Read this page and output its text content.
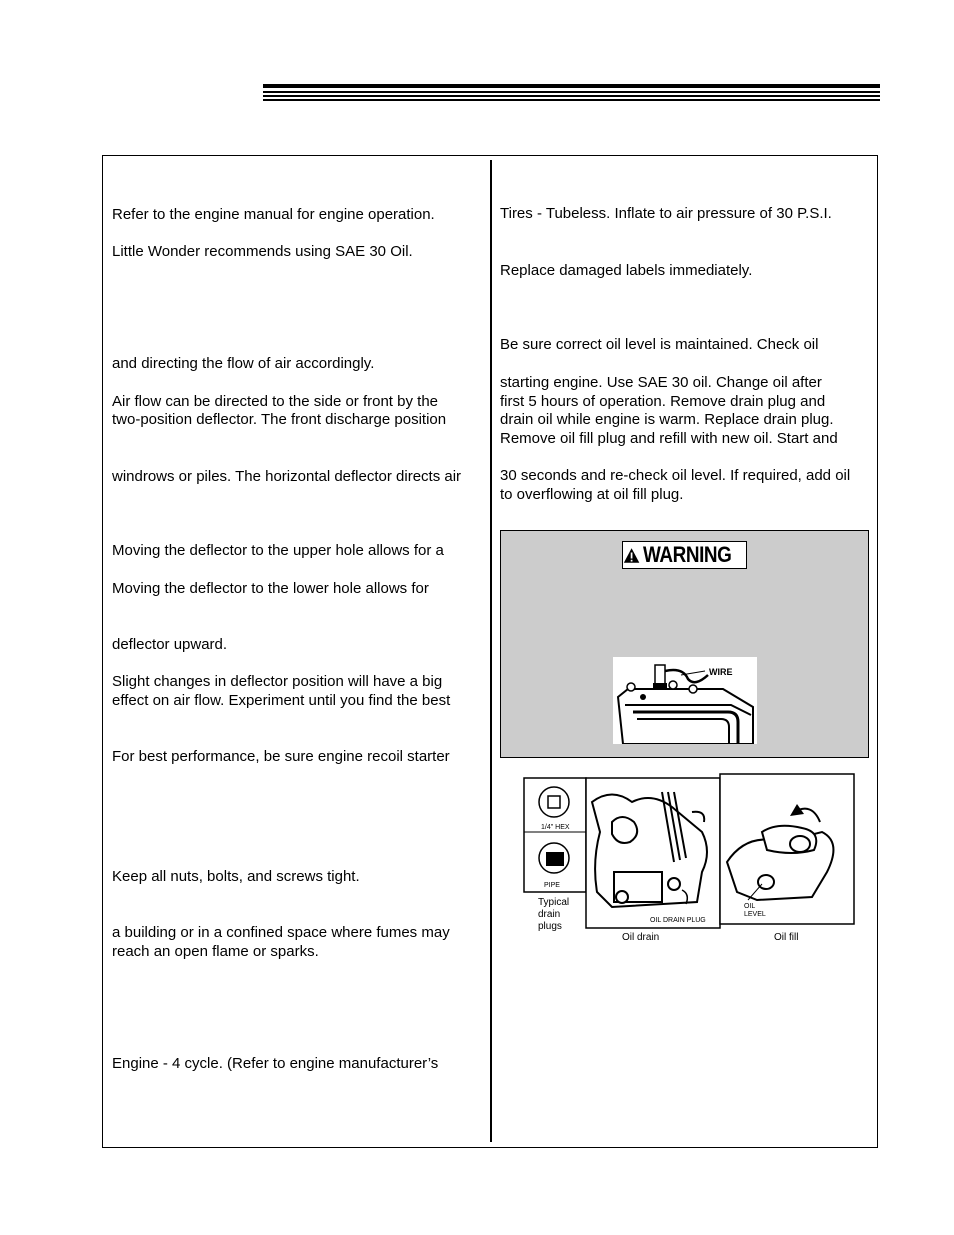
Refer to the engine manual for engine operation.

Little Wonder recommends using SAE 30 Oil.

and directing the flow of air accordingly.

Air flow can be directed to the side or front by the

two-position deflector. The front discharge position

windrows or piles. The horizontal deflector directs air

Moving the deflector to the upper hole allows for a

Moving the deflector to the lower hole allows for

deflector upward.

Slight changes in deflector position will have a big

effect on air flow. Experiment until you find the best

For best performance, be sure engine recoil starter

Keep all nuts, bolts, and screws tight.

a building or in a confined space where fumes may

reach an open flame or sparks.

Engine - 4 cycle. (Refer to engine manufacturer’s

Tires - Tubeless. Inflate to air pressure of 30 P.S.I.

Replace damaged labels immediately.

Be sure correct oil level is maintained. Check oil

starting engine. Use SAE 30 oil. Change oil after

first 5 hours of operation. Remove drain plug and

drain oil while engine is warm. Replace drain plug.

Remove oil fill plug and refill with new oil. Start and

30 seconds and re-check oil level. If required, add oil

to overflowing at oil fill plug.

WARNING
WIRE
1/4" HEX
PIPE
Typical
drain
plugs
OIL DRAIN PLUG
OIL
LEVEL
Oil drain	Oil fill
